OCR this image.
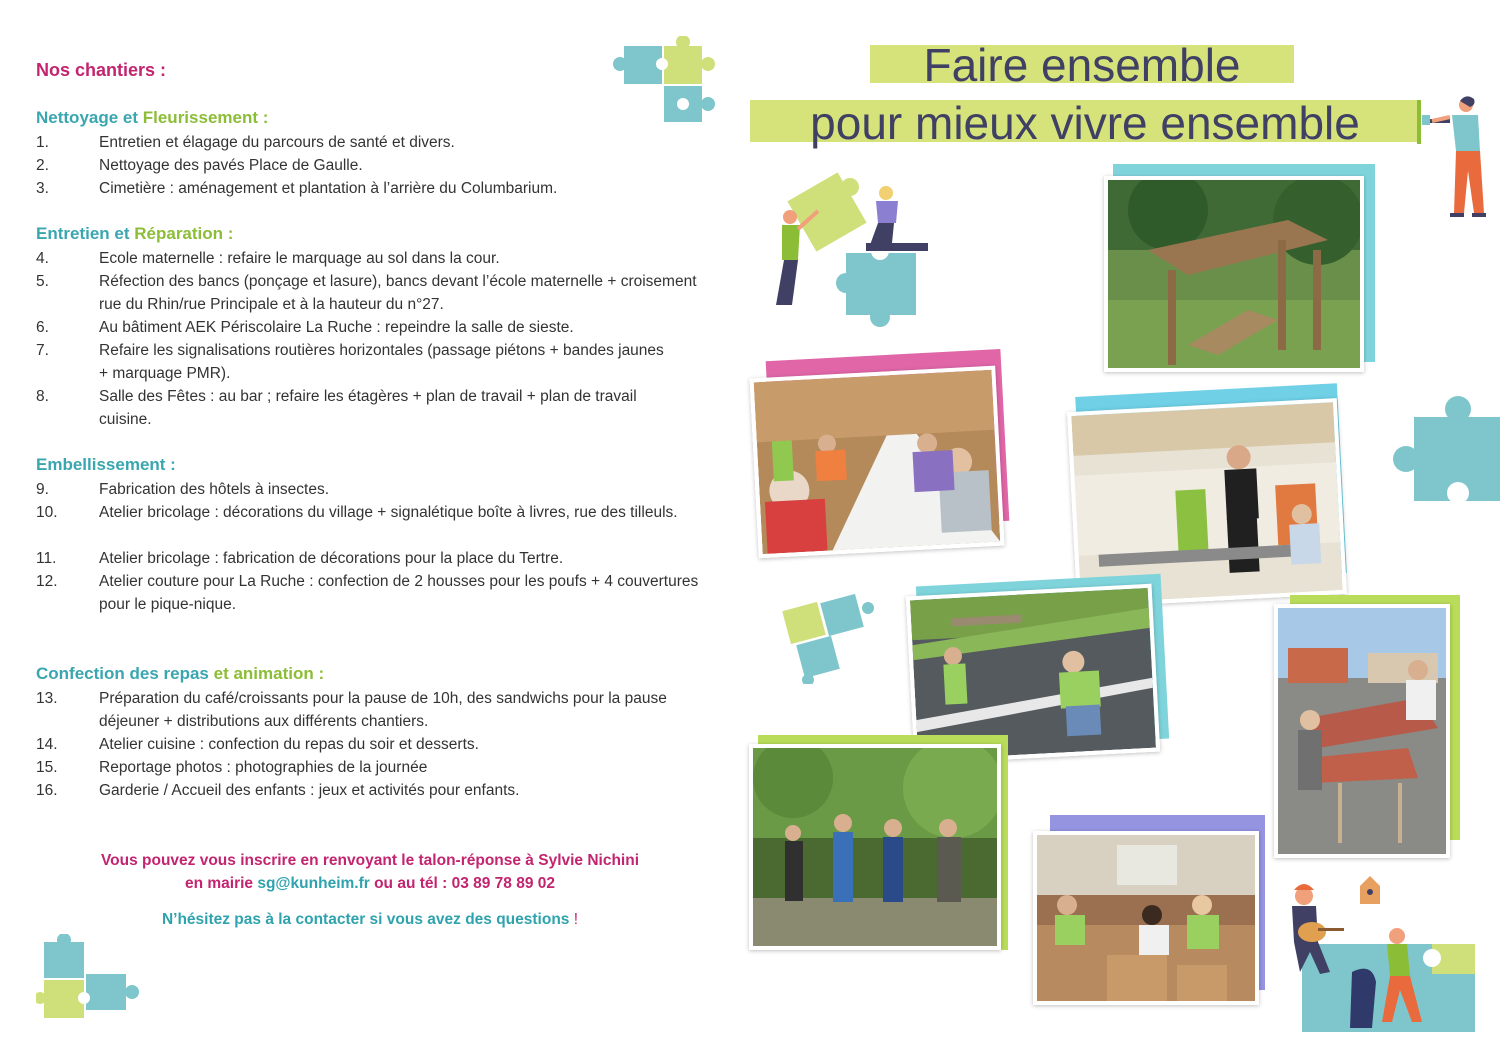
Nos chantiers :
Nettoyage et Fleurissement :
1.	Entretien et élagage du parcours de santé et divers.
2.	Nettoyage des pavés Place de Gaulle.
3.	Cimetière : aménagement et plantation à l’arrière du Columbarium.
Entretien et Réparation :
4.	Ecole maternelle : refaire le marquage au sol dans la cour.
5.	Réfection des bancs (ponçage et lasure), bancs devant l’école maternelle + croisement rue du Rhin/rue Principale et à la hauteur du n°27.
6.	Au bâtiment AEK Périscolaire La Ruche : repeindre la salle de sieste.
7.	Refaire les signalisations routières horizontales (passage piétons + bandes jaunes + marquage PMR).
8.	Salle des Fêtes : au bar ; refaire les étagères + plan de travail + plan de travail cuisine.
Embellissement :
9.	Fabrication des hôtels à insectes.
10.	Atelier bricolage : décorations du village + signalétique boîte à livres, rue des tilleuls.
11.	Atelier bricolage : fabrication de décorations pour la place du Tertre.
12.	Atelier couture pour La Ruche : confection de 2 housses pour les poufs + 4 couvertures pour le pique-nique.
Confection des repas et animation :
13.	Préparation du café/croissants pour la pause de 10h, des sandwichs pour la pause déjeuner + distributions aux différents chantiers.
14.	Atelier cuisine : confection du repas du soir et desserts.
15.	Reportage photos : photographies de la journée
16.	Garderie / Accueil des enfants : jeux et activités pour enfants.
Vous pouvez vous inscrire en renvoyant le talon-réponse à Sylvie Nichini
en mairie sg@kunheim.fr ou au tél : 03 89 78 89 02
N’hésitez pas à la contacter si vous avez des questions !
Faire ensemble
pour mieux vivre ensemble
